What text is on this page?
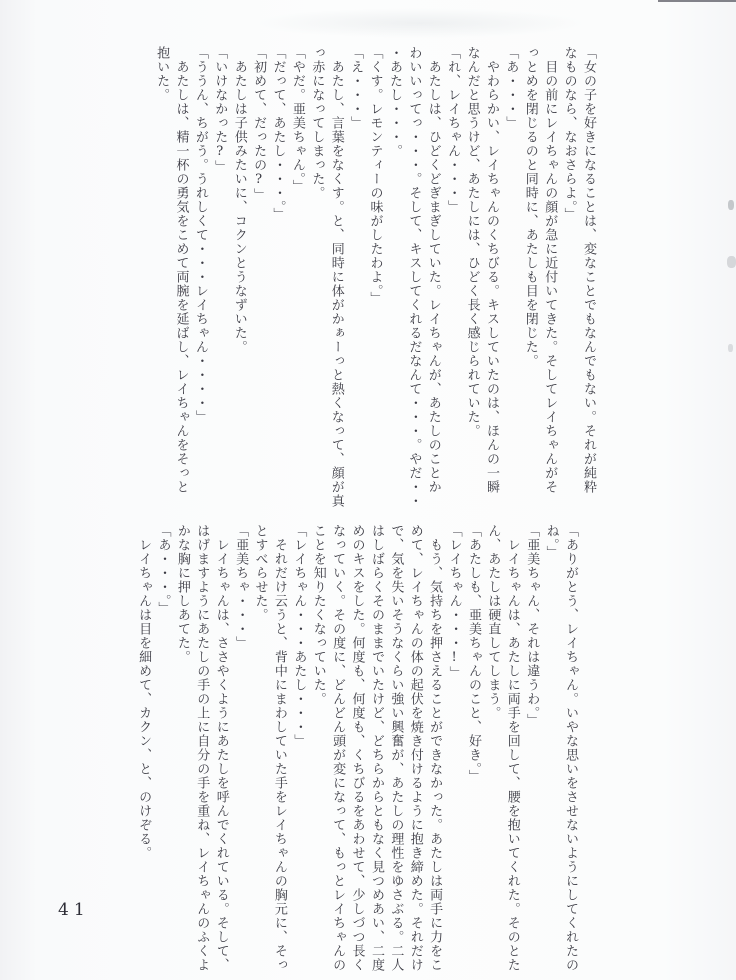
「女の子を好きになることは、変なことでもなんでもない。それが純粋
なものなら、なおさらよ。」
　目の前にレイちゃんの顔が急に近付いてきた。そしてレイちゃんがそ
っとめを閉じるのと同時に、あたしも目を閉じた。
「あ・・・」
　やわらかい、レイちゃんのくちびる。キスしていたのは、ほんの一瞬
なんだと思うけど、あたしには、ひどく長く感じられていた。
「れ、レイちゃん・・・」
　あたしは、ひどくどぎまぎしていた。レイちゃんが、あたしのことか
わいいってっ・・・。そして、キスしてくれるだなんて・・・。やだ・・
・あたし・・・。
「くす。レモンティーの味がしたわよ。」
「え・・・」
　あたし、言葉をなくす。と、同時に体がかぁーっと熱くなって、顔が真
っ赤になってしまった。
「やだ。亜美ちゃん。」
「だって、あたし・・・。」
「初めて、だったの?」
　あたしは子供みたいに、コクンとうなずいた。
「いけなかった?」
「ううん、ちがう。うれしくて・・・レイちゃん・・・・」
　あたしは、精一杯の勇気をこめて両腕を延ばし、レイちゃんをそっと
抱いた。
「ありがとう、レイちゃん。いやな思いをさせないようにしてくれたの
ね。」
「亜美ちゃん、それは違うわ。」
　レイちゃんは、あたしに両手を回して、腰を抱いてくれた。そのとた
ん、あたしは硬直してしまう。
「あたしも、亜美ちゃんのこと、好き。」
「レイちゃん・・・!」
　もう、気持ちを押さえることができなかった。あたしは両手に力をこ
めて、レイちゃんの体の起伏を焼き付けるように抱き締めた。それだけ
で、気を失いそうなくらい強い興奮が、あたしの理性をゆさぶる。二人
はしばらくそのままでいたけど、どちらからともなく見つめあい、二度
めのキスをした。何度も、何度も、くちびるをあわせて、少しづつ長く
なっていく。その度に、どんどん頭が変になって、もっとレイちゃんの
ことを知りたくなっていた。
「レイちゃん・・・あたし・・・」
　それだけ云うと、背中にまわしていた手をレイちゃんの胸元に、そっ
とすべらせた。
「亜美ちゃ・・・」
　レイちゃんは、ささやくようにあたしを呼んでくれている。そして、
はげますようにあたしの手の上に自分の手を重ね、レイちゃんのふくよ
かな胸に押しあてた。
「あ・・・。」
　レイちゃんは目を細めて、カクン、と、のけぞる。
41
